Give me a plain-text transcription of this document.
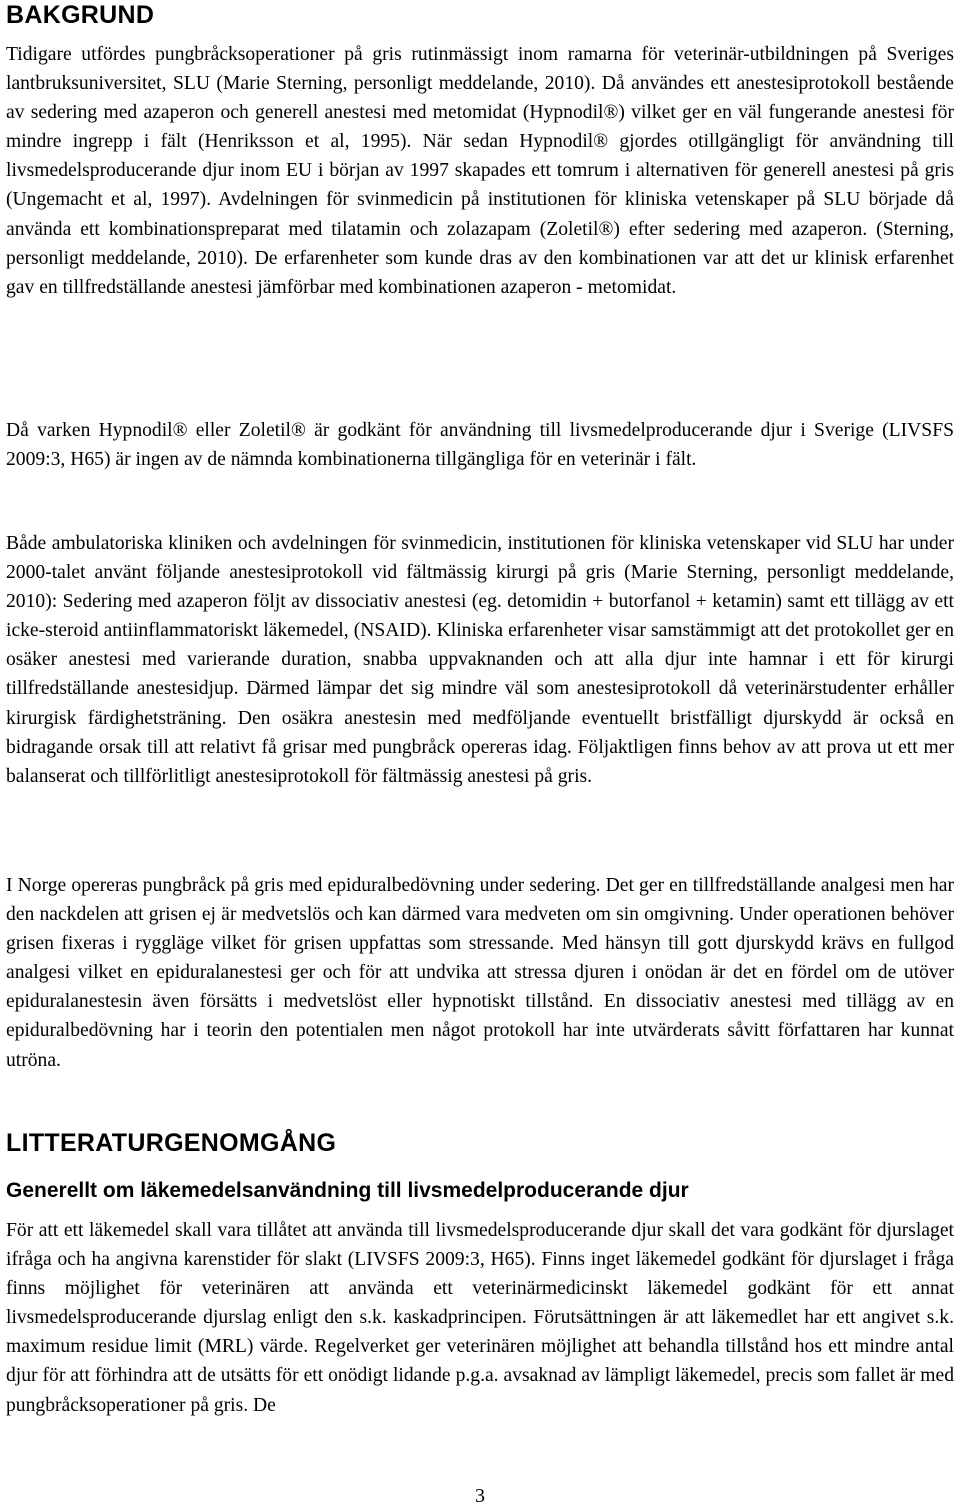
BAKGRUND

Tidigare utfördes pungbråcksoperationer på gris rutinmässigt inom ramarna för veterinär-utbildningen på Sveriges lantbruksuniversitet, SLU (Marie Sterning, personligt meddelande, 2010). Då användes ett anestesiprotokoll bestående av sedering med azaperon och generell anestesi med metomidat (Hypnodil®) vilket ger en väl fungerande anestesi för mindre ingrepp i fält (Henriksson et al, 1995). När sedan Hypnodil® gjordes otillgängligt för användning till livsmedelsproducerande djur inom EU i början av 1997 skapades ett tomrum i alternativen för generell anestesi på gris (Ungemacht et al, 1997). Avdelningen för svinmedicin på institutionen för kliniska vetenskaper på SLU började då använda ett kombinationspreparat med tilatamin och zolazapam (Zoletil®) efter sedering med azaperon. (Sterning, personligt meddelande, 2010). De erfarenheter som kunde dras av den kombinationen var att det ur klinisk erfarenhet gav en tillfredställande anestesi jämförbar med kombinationen azaperon - metomidat.

Då varken Hypnodil® eller Zoletil® är godkänt för användning till livsmedelproducerande djur i Sverige (LIVSFS 2009:3, H65) är ingen av de nämnda kombinationerna tillgängliga för en veterinär i fält.

Både ambulatoriska kliniken och avdelningen för svinmedicin, institutionen för kliniska vetenskaper vid SLU har under 2000-talet använt följande anestesiprotokoll vid fältmässig kirurgi på gris (Marie Sterning, personligt meddelande, 2010): Sedering med azaperon följt av dissociativ anestesi (eg. detomidin + butorfanol + ketamin) samt ett tillägg av ett icke-steroid antiinflammatoriskt läkemedel, (NSAID). Kliniska erfarenheter visar samstämmigt att det protokollet ger en osäker anestesi med varierande duration, snabba uppvaknanden och att alla djur inte hamnar i ett för kirurgi tillfredställande anestesidjup. Därmed lämpar det sig mindre väl som anestesiprotokoll då veterinärstudenter erhåller kirurgisk färdighetsträning. Den osäkra anestesin med medföljande eventuellt bristfälligt djurskydd är också en bidragande orsak till att relativt få grisar med pungbråck opereras idag. Följaktligen finns behov av att prova ut ett mer balanserat och tillförlitligt anestesiprotokoll för fältmässig anestesi på gris.

I Norge opereras pungbråck på gris med epiduralbedövning under sedering. Det ger en tillfredställande analgesi men har den nackdelen att grisen ej är medvetslös och kan därmed vara medveten om sin omgivning. Under operationen behöver grisen fixeras i ryggläge vilket för grisen uppfattas som stressande. Med hänsyn till gott djurskydd krävs en fullgod analgesi vilket en epiduralanestesi ger och för att undvika att stressa djuren i onödan är det en fördel om de utöver epiduralanestesin även försätts i medvetslöst eller hypnotiskt tillstånd. En dissociativ anestesi med tillägg av en epiduralbedövning har i teorin den potentialen men något protokoll har inte utvärderats såvitt författaren har kunnat utröna.

LITTERATURGENOMGÅNG
Generellt om läkemedelsanvändning till livsmedelproducerande djur

För att ett läkemedel skall vara tillåtet att använda till livsmedelsproducerande djur skall det vara godkänt för djurslaget ifråga och ha angivna karenstider för slakt (LIVSFS 2009:3, H65). Finns inget läkemedel godkänt för djurslaget i fråga finns möjlighet för veterinären att använda ett veterinärmedicinskt läkemedel godkänt för ett annat livsmedelsproducerande djurslag enligt den s.k. kaskadprincipen. Förutsättningen är att läkemedlet har ett angivet s.k. maximum residue limit (MRL) värde. Regelverket ger veterinären möjlighet att behandla tillstånd hos ett mindre antal djur för att förhindra att de utsätts för ett onödigt lidande p.g.a. avsaknad av lämpligt läkemedel, precis som fallet är med pungbråcksoperationer på gris. De

3
